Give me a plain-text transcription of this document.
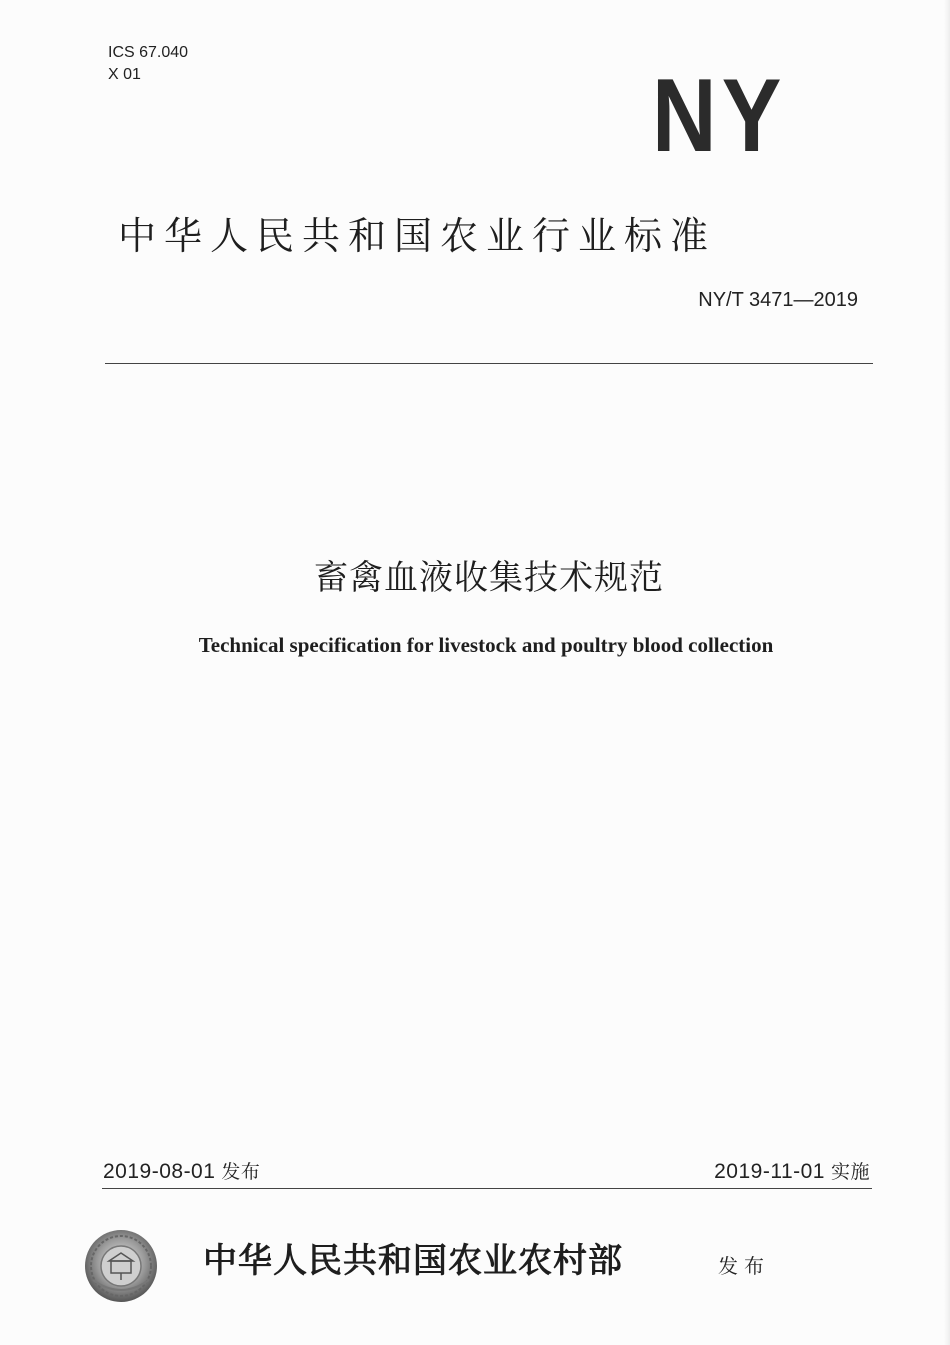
ICS 67.040
X 01	NY
中华人民共和国农业行业标准
NY/T 3471—2019
畜禽血液收集技术规范
Technical specification for livestock and poultry blood collection
2019-08-01 发布	2019-11-01 实施
中华人民共和国农业农村部	发布
